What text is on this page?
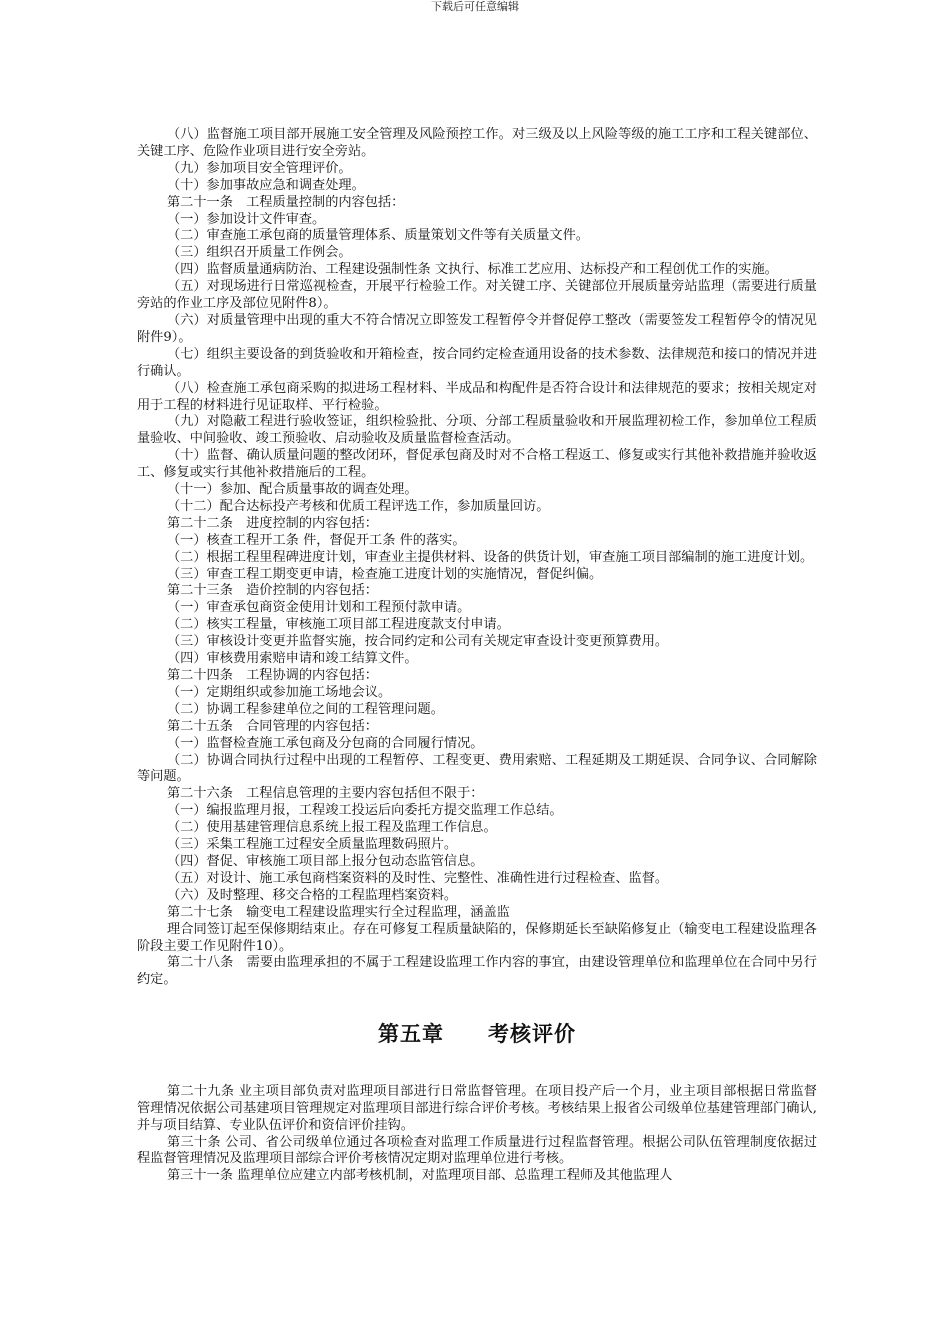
下载后可任意编辑

（八）监督施工项目部开展施工安全管理及风险预控工作。对三级及以上风险等级的施工工序和工程关键部位、关键工序、危险作业项目进行安全旁站。

（九）参加项目安全管理评价。

（十）参加事故应急和调查处理。

第二十一条　工程质量控制的内容包括：

（一）参加设计文件审查。

（二）审查施工承包商的质量管理体系、质量策划文件等有关质量文件。

（三）组织召开质量工作例会。

（四）监督质量通病防治、工程建设强制性条 文执行、标准工艺应用、达标投产和工程创优工作的实施。

（五）对现场进行日常巡视检查，开展平行检验工作。对关键工序、关键部位开展质量旁站监理（需要进行质量旁站的作业工序及部位见附件8）。

（六）对质量管理中出现的重大不符合情况立即签发工程暂停令并督促停工整改（需要签发工程暂停令的情况见附件9）。

（七）组织主要设备的到货验收和开箱检查，按合同约定检查通用设备的技术参数、法律规范和接口的情况并进行确认。

（八）检查施工承包商采购的拟进场工程材料、半成品和构配件是否符合设计和法律规范的要求；按相关规定对用于工程的材料进行见证取样、平行检验。

（九）对隐蔽工程进行验收签证，组织检验批、分项、分部工程质量验收和开展监理初检工作，参加单位工程质量验收、中间验收、竣工预验收、启动验收及质量监督检查活动。

（十）监督、确认质量问题的整改闭环，督促承包商及时对不合格工程返工、修复或实行其他补救措施并验收返工、修复或实行其他补救措施后的工程。

（十一）参加、配合质量事故的调查处理。

（十二）配合达标投产考核和优质工程评选工作，参加质量回访。

第二十二条　进度控制的内容包括：

（一）核查工程开工条 件，督促开工条 件的落实。

（二）根据工程里程碑进度计划，审查业主提供材料、设备的供货计划，审查施工项目部编制的施工进度计划。

（三）审查工程工期变更申请，检查施工进度计划的实施情况，督促纠偏。

第二十三条　造价控制的内容包括：

（一）审查承包商资金使用计划和工程预付款申请。

（二）核实工程量，审核施工项目部工程进度款支付申请。

（三）审核设计变更并监督实施，按合同约定和公司有关规定审查设计变更预算费用。

（四）审核费用索赔申请和竣工结算文件。

第二十四条　工程协调的内容包括：

（一）定期组织或参加施工场地会议。

（二）协调工程参建单位之间的工程管理问题。

第二十五条　合同管理的内容包括：

（一）监督检查施工承包商及分包商的合同履行情况。

（二）协调合同执行过程中出现的工程暂停、工程变更、费用索赔、工程延期及工期延误、合同争议、合同解除等问题。

第二十六条　工程信息管理的主要内容包括但不限于：

（一）编报监理月报，工程竣工投运后向委托方提交监理工作总结。

（二）使用基建管理信息系统上报工程及监理工作信息。

（三）采集工程施工过程安全质量监理数码照片。

（四）督促、审核施工项目部上报分包动态监管信息。

（五）对设计、施工承包商档案资料的及时性、完整性、准确性进行过程检查、监督。

（六）及时整理、移交合格的工程监理档案资料。

第二十七条　输变电工程建设监理实行全过程监理，涵盖监

理合同签订起至保修期结束止。存在可修复工程质量缺陷的，保修期延长至缺陷修复止（输变电工程建设监理各阶段主要工作见附件10）。

第二十八条　需要由监理承担的不属于工程建设监理工作内容的事宜，由建设管理单位和监理单位在合同中另行约定。

第五章　　考核评价

第二十九条 业主项目部负责对监理项目部进行日常监督管理。在项目投产后一个月，业主项目部根据日常监督管理情况依据公司基建项目管理规定对监理项目部进行综合评价考核。考核结果上报省公司级单位基建管理部门确认,并与项目结算、专业队伍评价和资信评价挂钩。

第三十条 公司、省公司级单位通过各项检查对监理工作质量进行过程监督管理。根据公司队伍管理制度依据过程监督管理情况及监理项目部综合评价考核情况定期对监理单位进行考核。

第三十一条 监理单位应建立内部考核机制，对监理项目部、总监理工程师及其他监理人
